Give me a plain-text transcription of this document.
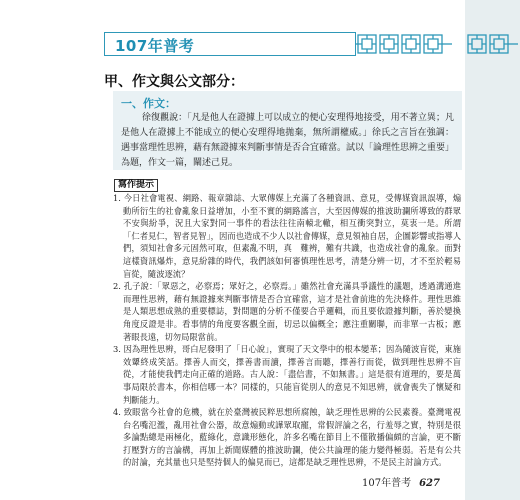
107年普考
甲、作文與公文部分：
一、作文：
徐復觀說：「凡是他人在證據上可以成立的便心安理得地接受，用不著立異；凡是他人在證據上不能成立的便心安理得地拋棄，無所謂權威。」徐氏之言旨在強調：遇事當理性思辨，藉有無證據來判斷事情是否合宜確當。試以「論理性思辨之重要」為題，作文一篇，闡述己見。
寫作提示
1. 今日社會電視、網路、報章雜誌、大眾傳媒上充滿了各種資訊、意見，受傳媒資訊誤導，煽動所衍生的社會亂象日益增加，小至不實的網路謠言，大至因傳媒的推波助瀾所導致的群眾不安與紛爭，況且大家對同一事件的看法往往南轅北轍，相互衝突對立，莫衷一是。所謂「仁者見仁，智者見智」，因而也造成不少人以社會傳媒，意見領袖自居，企圖影響或指導人們，須知社會多元固然可取，但素亂不明，真　難辨，難有共識，也造成社會的亂象。面對這樣資訊爆炸，意見紛雜的時代，我們該如何審慎理性思考，清楚分辨一切，才不至於輕易盲從，隨波逐流？
2. 孔子說：「眾惡之，必察焉；眾好之，必察焉。」雖然社會充滿具爭議性的議題，透過溝通進而理性思辨，藉有無證據來判斷事情是否合宜確當，這才是社會前進的先決條件。理性思維是人類思想成熟的重要標誌，對問題的分析不僅要合乎邏輯，而且要依證據判斷，善於變換角度反證是非。看事情的角度要客觀全面，切忌以偏概全；應注重關聯，而非單一古板；應著眼長遠，切勿局限當前。
3. 因為理性思辨，哥白尼發明了「日心說」，實現了天文學中的根本變革；因為隨波盲從，東施效顰終成笑話。擇善人而交，擇善書而讀，擇善言而聽，擇善行而從，做到理性思辨不盲從，才能使我們走向正確的道路。古人說：「盡信書，不如無書。」這是很有道理的，要是萬事局限於書本，你相信哪一本？同樣的，只能盲從別人的意見不知思辨，就會喪失了懷疑和判斷能力。
4. 致眼當今社會的危機，就在於臺灣被民粹思想所腐蝕，缺乏理性思辨的公民素養。臺灣電視台名嘴氾濫，亂用社會公器，故意煽動或譁眾取寵，常假評論之名，行羞辱之實，特別是很多論點總是兩極化，藍綠化，意識形態化，許多名嘴在節目上不僅散播偏頗的言論，更不斷打壓對方的言論構，再加上新聞媒體的推波助瀾，使公共論理的能力變得極弱。若是有公共的討論，充其量也只是堅持個人的偏見而已，這都是缺乏理性思辨，不是民主討論方式。
107年普考 627
